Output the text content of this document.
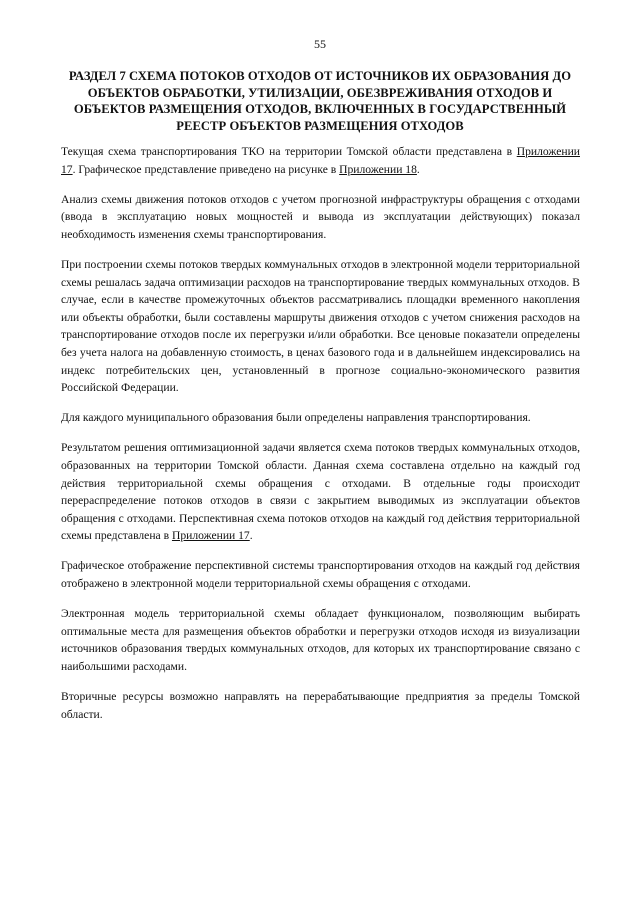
55
РАЗДЕЛ 7 СХЕМА ПОТОКОВ ОТХОДОВ ОТ ИСТОЧНИКОВ ИХ ОБРАЗОВАНИЯ ДО ОБЪЕКТОВ ОБРАБОТКИ, УТИЛИЗАЦИИ, ОБЕЗВРЕЖИВАНИЯ ОТХОДОВ И ОБЪЕКТОВ РАЗМЕЩЕНИЯ ОТХОДОВ, ВКЛЮЧЕННЫХ В ГОСУДАРСТВЕННЫЙ РЕЕСТР ОБЪЕКТОВ РАЗМЕЩЕНИЯ ОТХОДОВ

Текущая схема транспортирования ТКО на территории Томской области представлена в Приложении 17. Графическое представление приведено на рисунке в Приложении 18.

Анализ схемы движения потоков отходов с учетом прогнозной инфраструктуры обращения с отходами (ввода в эксплуатацию новых мощностей и вывода из эксплуатации действующих) показал необходимость изменения схемы транспортирования.

При построении схемы потоков твердых коммунальных отходов в электронной модели территориальной схемы решалась задача оптимизации расходов на транспортирование твердых коммунальных отходов. В случае, если в качестве промежуточных объектов рассматривались площадки временного накопления или объекты обработки, были составлены маршруты движения отходов с учетом снижения расходов на транспортирование отходов после их перегрузки и/или обработки. Все ценовые показатели определены без учета налога на добавленную стоимость, в ценах базового года и в дальнейшем индексировались на индекс потребительских цен, установленный в прогнозе социально-экономического развития Российской Федерации.

Для каждого муниципального образования были определены направления транспортирования.

Результатом решения оптимизационной задачи является схема потоков твердых коммунальных отходов, образованных на территории Томской области. Данная схема составлена отдельно на каждый год действия территориальной схемы обращения с отходами. В отдельные годы происходит перераспределение потоков отходов в связи с закрытием выводимых из эксплуатации объектов обращения с отходами. Перспективная схема потоков отходов на каждый год действия территориальной схемы представлена в Приложении 17.

Графическое отображение перспективной системы транспортирования отходов на каждый год действия отображено в электронной модели территориальной схемы обращения с отходами.

Электронная модель территориальной схемы обладает функционалом, позволяющим выбирать оптимальные места для размещения объектов обработки и перегрузки отходов исходя из визуализации источников образования твердых коммунальных отходов, для которых их транспортирование связано с наибольшими расходами.

Вторичные ресурсы возможно направлять на перерабатывающие предприятия за пределы Томской области.
